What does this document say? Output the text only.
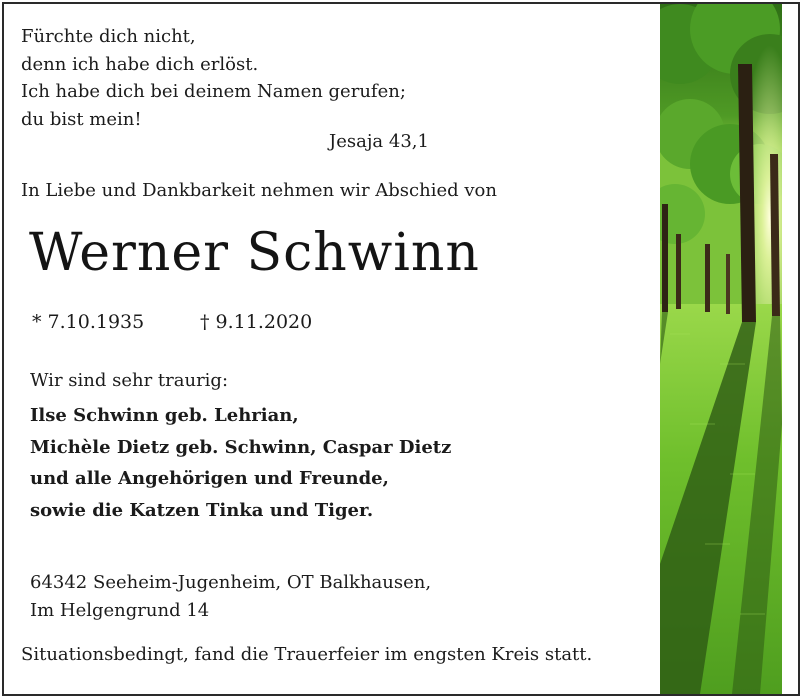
Fürchte dich nicht,
denn ich habe dich erlöst.
Ich habe dich bei deinem Namen gerufen;
du bist mein!
Jesaja 43,1
In Liebe und Dankbarkeit nehmen wir Abschied von
Werner Schwinn
* 7.10.1935	† 9.11.2020
Wir sind sehr traurig:
Ilse Schwinn geb. Lehrian,
Michèle Dietz geb. Schwinn, Caspar Dietz
und alle Angehörigen und Freunde,
sowie die Katzen Tinka und Tiger.
64342 Seeheim-Jugenheim, OT Balkhausen,
Im Helgengrund 14
Situationsbedingt, fand die Trauerfeier im engsten Kreis statt.
